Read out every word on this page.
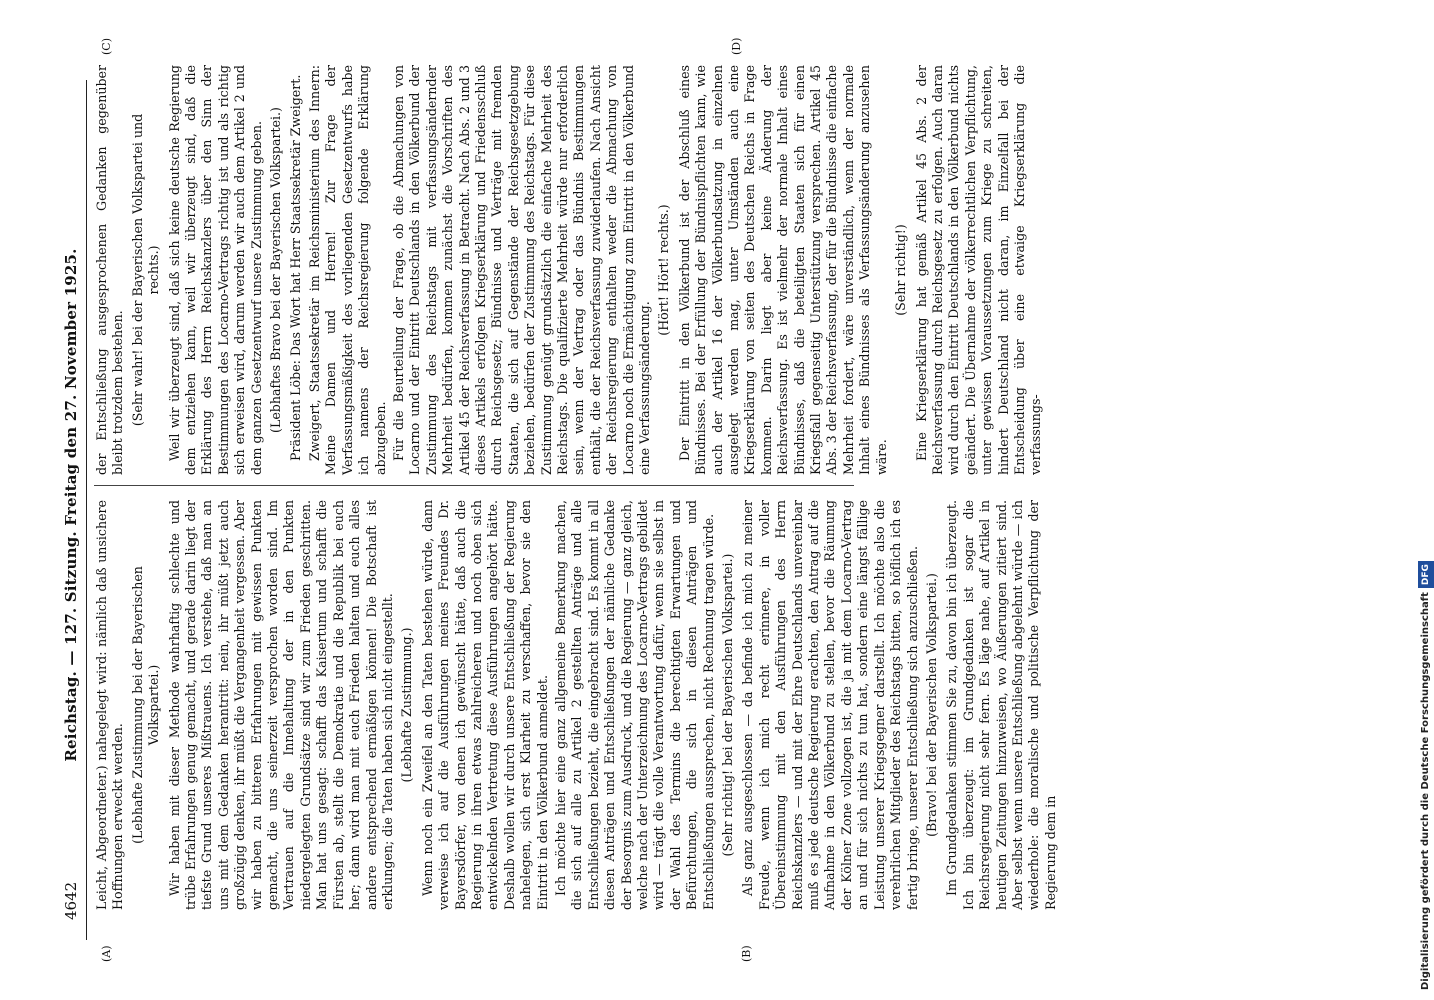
4642
Reichstag. — 127. Sitzung. Freitag den 27. November 1925.
(A)	(B)
(C)	(D)

Leicht, Abgeordneter.) nahegelegt wird: nämlich daß unsichere Hoffnungen erweckt werden. (Lebhafte Zustimmung bei der Bayerischen Volkspartei.) Wir haben mit dieser Methode wahrhaftig schlechte und trübe Erfahrungen genug gemacht, und gerade darin liegt der tiefste Grund unseres Mißtrauens. Ich verstehe, daß man an uns mit dem Gedanken herantritt: nein, ihr müßt jetzt auch großzügig denken, ihr müßt die Vergangenheit vergessen. Aber wir haben zu bitteren Erfahrungen mit gewissen Punkten gemacht, die uns seinerzeit versprochen worden sind. Im Vertrauen auf die Innehaltung der in den Punkten niedergelegten Grundsätze sind wir zum Frieden geschritten. Man hat uns gesagt: schafft das Kaisertum und schafft die Fürsten ab, stellt die Demokratie und die Republik bei euch her; dann wird man mit euch Frieden halten und euch alles andere entsprechend ermäßigen können! Die Botschaft ist erklungen; die Taten haben sich nicht eingestellt. (Lebhafte Zustimmung.) Wenn noch ein Zweifel an den Taten bestehen würde, dann verweise ich auf die Ausführungen meines Freundes Dr. Bayersdörfer, von denen ich gewünscht hätte, daß auch die Regierung in ihren etwas zahlreicheren und noch oben sich entwickelnden Vertretung diese Ausführungen angehört hätte. Deshalb wollen wir durch unsere Entschließung der Regierung nahelegen, sich erst Klarheit zu verschaffen, bevor sie den Eintritt in den Völkerbund anmeldet. Ich möchte hier eine ganz allgemeine Bemerkung machen, die sich auf alle zu Artikel 2 gestellten Anträge und alle Entschließungen bezieht, die eingebracht sind. Es kommt in all diesen Anträgen und Entschließungen der nämliche Gedanke der Besorgnis zum Ausdruck, und die Regierung — ganz gleich, welche nach der Unterzeichnung des Locarno-Vertrags gebildet wird — trägt die volle Verantwortung dafür, wenn sie selbst in der Wahl des Termins die berechtigten Erwartungen und Befürchtungen, die sich in diesen Anträgen und Entschließungen aussprechen, nicht Rechnung tragen würde. (Sehr richtig! bei der Bayerischen Volkspartei.) Als ganz ausgeschlossen — da befinde ich mich zu meiner Freude, wenn ich mich recht erinnere, in voller Übereinstimmung mit den Ausführungen des Herrn Reichskanzlers — und mit der Ehre Deutschlands unvereinbar muß es jede deutsche Regierung erachten, den Antrag auf die Aufnahme in den Völkerbund zu stellen, bevor die Räumung der Kölner Zone vollzogen ist, die ja mit dem Locarno-Vertrag an und für sich nichts zu tun hat, sondern eine längst fällige Leistung unserer Kriegsgegner darstellt. Ich möchte also die verehrlichen Mitglieder des Reichstags bitten, so höflich ich es fertig bringe, unserer Entschließung sich anzuschließen. (Bravo! bei der Bayerischen Volkspartei.) Im Grundgedanken stimmen Sie zu, davon bin ich überzeugt. Ich bin überzeugt: im Grundgedanken ist sogar die Reichsregierung nicht sehr fern. Es läge nahe, auf Artikel in heutigen Zeitungen hinzuweisen, wo Äußerungen zitiert sind. Aber selbst wenn unsere Entschließung abgelehnt würde — ich wiederhole: die moralische und politische Verpflichtung der Regierung dem in

der Entschließung ausgesprochenen Gedanken gegenüber bleibt trotzdem bestehen. (Sehr wahr! bei der Bayerischen Volkspartei und rechts.) Weil wir überzeugt sind, daß sich keine deutsche Regierung dem entziehen kann, weil wir überzeugt sind, daß die Erklärung des Herrn Reichskanzlers über den Sinn der Bestimmungen des Locarno-Vertrags richtig ist und als richtig sich erweisen wird, darum werden wir auch dem Artikel 2 und dem ganzen Gesetzentwurf unsere Zustimmung geben. (Lebhaftes Bravo bei der Bayerischen Volkspartei.) Präsident Löbe: Das Wort hat Herr Staatssekretär Zweigert. Zweigert, Staatssekretär im Reichsministerium des Innern: Meine Damen und Herren! Zur Frage der Verfassungsmäßigkeit des vorliegenden Gesetzentwurfs habe ich namens der Reichsregierung folgende Erklärung abzugeben. Für die Beurteilung der Frage, ob die Abmachungen von Locarno und der Eintritt Deutschlands in den Völkerbund der Zustimmung des Reichstags mit verfassungsändernder Mehrheit bedürfen, kommen zunächst die Vorschriften des Artikel 45 der Reichsverfassung in Betracht. Nach Abs. 2 und 3 dieses Artikels erfolgen Kriegserklärung und Friedensschluß durch Reichsgesetz; Bündnisse und Verträge mit fremden Staaten, die sich auf Gegenstände der Reichsgesetzgebung beziehen, bedürfen der Zustimmung des Reichstags. Für diese Zustimmung genügt grundsätzlich die einfache Mehrheit des Reichstags. Die qualifizierte Mehrheit würde nur erforderlich sein, wenn der Vertrag oder das Bündnis Bestimmungen enthält, die der Reichsverfassung zuwiderlaufen. Nach Ansicht der Reichsregierung enthalten weder die Abmachung von Locarno noch die Ermächtigung zum Eintritt in den Völkerbund eine Verfassungsänderung.

(Hört! Hört! rechts.) Der Eintritt in den Völkerbund ist der Abschluß eines Bündnisses. Bei der Erfüllung der Bündnispflichten kann, wie auch der Artikel 16 der Völkerbundsatzung in einzelnen ausgelegt werden mag, unter Umständen auch eine Kriegserklärung von seiten des Deutschen Reichs in Frage kommen. Darin liegt aber keine Änderung der Reichsverfassung. Es ist vielmehr der normale Inhalt eines Bündnisses, daß die beteiligten Staaten sich für einen Kriegsfall gegenseitig Unterstützung versprechen. Artikel 45 Abs. 3 der Reichsverfassung, der für die Bündnisse die einfache Mehrheit fordert, wäre unverständlich, wenn der normale Inhalt eines Bündnisses als Verfassungsänderung anzusehen wäre.

(Sehr richtig!) Eine Kriegserklärung hat gemäß Artikel 45 Abs. 2 der Reichsverfassung durch Reichsgesetz zu erfolgen. Auch daran wird durch den Eintritt Deutschlands in den Völkerbund nichts geändert. Die Übernahme der völkerrechtlichen Verpflichtung, unter gewissen Voraussetzungen zum Kriege zu schreiten, hindert Deutschland nicht daran, im Einzelfall bei der Entscheidung über eine etwaige Kriegserklärung die verfassungs-

Digitalisierung gefördert durch die Deutsche ForschungsgemeinschaftDFG
